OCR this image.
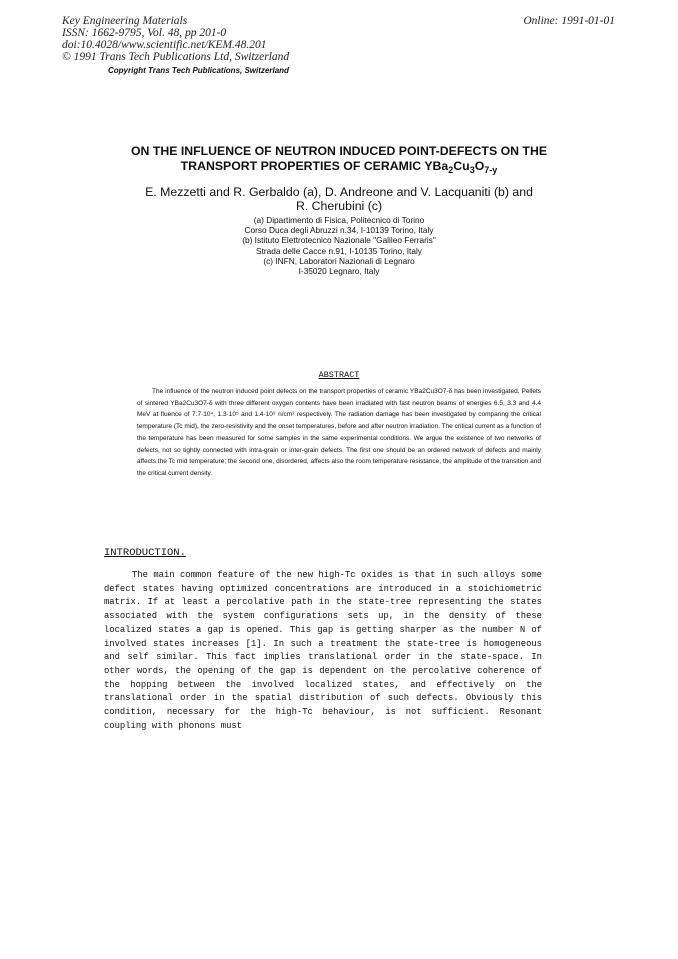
Key Engineering Materials
ISSN: 1662-9795, Vol. 48, pp 201-0
doi:10.4028/www.scientific.net/KEM.48.201
© 1991 Trans Tech Publications Ltd, Switzerland
Online: 1991-01-01
Copyright Trans Tech Publications, Switzerland
ON THE INFLUENCE OF NEUTRON INDUCED POINT-DEFECTS ON THE
TRANSPORT PROPERTIES OF CERAMIC $YBa_2Cu_3O_{7-y}$
E. Mezzetti and R. Gerbaldo (a), D. Andreone and V. Lacquaniti (b) and
R. Cherubini (c)
(a) Dipartimento di Fisica, Politecnico di Torino
Corso Duca degli Abruzzi n.34, I-10139 Torino, Italy
(b) Istituto Elettrotecnico Nazionale "Galileo Ferraris"
Strada delle Cacce n.91, I-10135 Torino, Italy
(c) INFN, Laboratori Nazionali di Legnaro
I-35020 Legnaro, Italy
ABSTRACT
The influence of the neutron induced point defects on the transport properties of ceramic YBa2Cu3O7-δ has been investigated. Pellets of sintered YBa2Cu3O7-δ with three different oxygen contents have been irradiated with fast neutron beams of energies 6.5, 3.3 and 4.4 MeV at fluence of 7.7·10⁴, 1.3·10⁵ and 1.4·10⁹ n/cm² respectively. The radiation damage has been investigated by comparing the critical temperature (Tc mid), the zero-resistivity and the onset temperatures, before and after neutron irradiation. The critical current as a function of the temperature has been measured for some samples in the same experimental conditions. We argue the existence of two networks of defects, not so tightly connected with intra-grain or inter-grain defects. The first one should be an ordered network of defects and mainly affects the Tc mid temperature; the second one, disordered, affects also the room temperature resistance, the amplitude of the transition and the critical current density.
INTRODUCTION.
The main common feature of the new high-Tc oxides is that in such alloys some defect states having optimized concentrations are introduced in a stoichiometric matrix. If at least a percolative path in the state-tree representing the states associated with the system configurations sets up, in the density of these localized states a gap is opened. This gap is getting sharper as the number N of involved states increases [1]. In such a treatment the state-tree is homogeneous and self similar. This fact implies translational order in the state-space. In other words, the opening of the gap is dependent on the percolative coherence of the hopping between the involved localized states, and effectively on the translational order in the spatial distribution of such defects. Obviously this condition, necessary for the high-Tc behaviour, is not sufficient. Resonant coupling with phonons must
